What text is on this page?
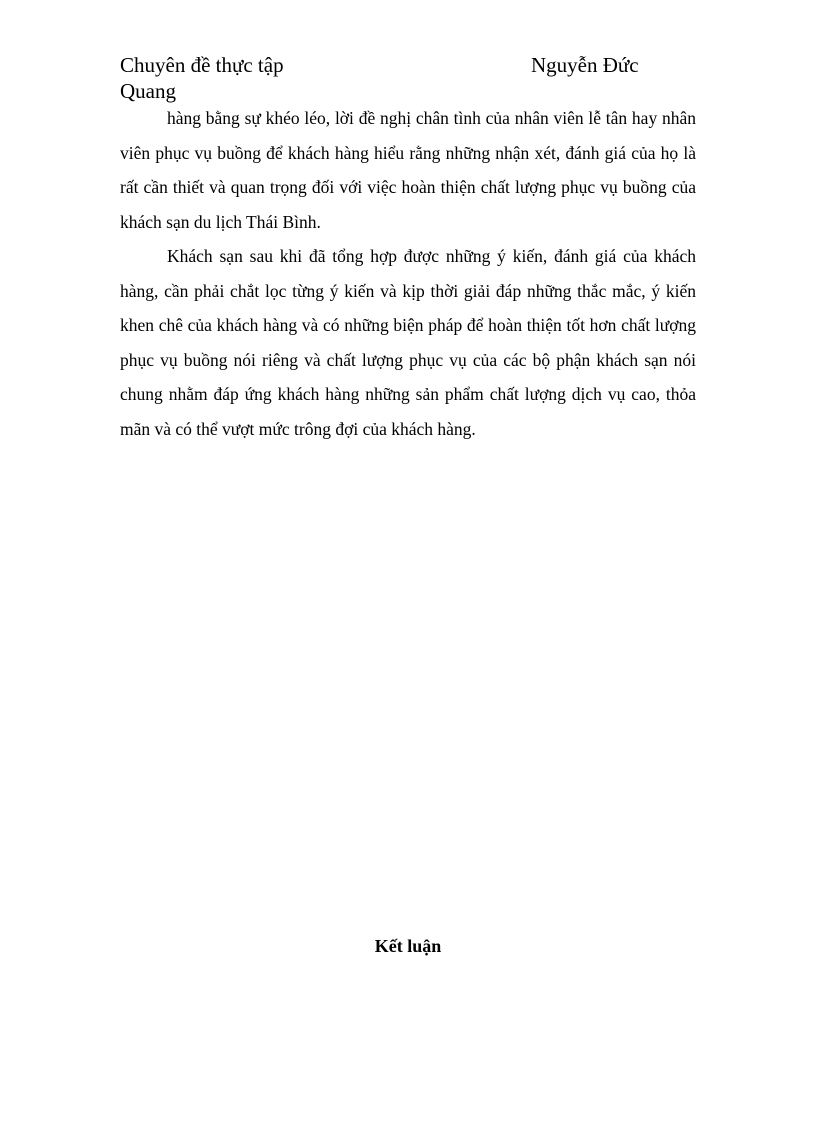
Chuyên đề thực tập	Nguyễn Đức
Quang

hàng bằng sự khéo léo, lời đề nghị chân tình của nhân viên lễ tân hay nhân viên phục vụ buồng để khách hàng hiểu rằng những nhận xét, đánh giá của họ là rất cần thiết và quan trọng đối với việc hoàn thiện chất lượng phục vụ buồng của khách sạn du lịch Thái Bình.

Khách sạn sau khi đã tổng hợp được những ý kiến, đánh giá của khách hàng, cần phải chắt lọc từng ý kiến và kịp thời giải đáp những thắc mắc, ý kiến khen chê của khách hàng và có những biện pháp để hoàn thiện tốt hơn chất lượng phục vụ buồng nói riêng và chất lượng phục vụ của các bộ phận khách sạn nói chung nhằm đáp ứng khách hàng những sản phẩm chất lượng dịch vụ cao, thỏa mãn và có thể vượt mức trông đợi của khách hàng.

Kết luận
